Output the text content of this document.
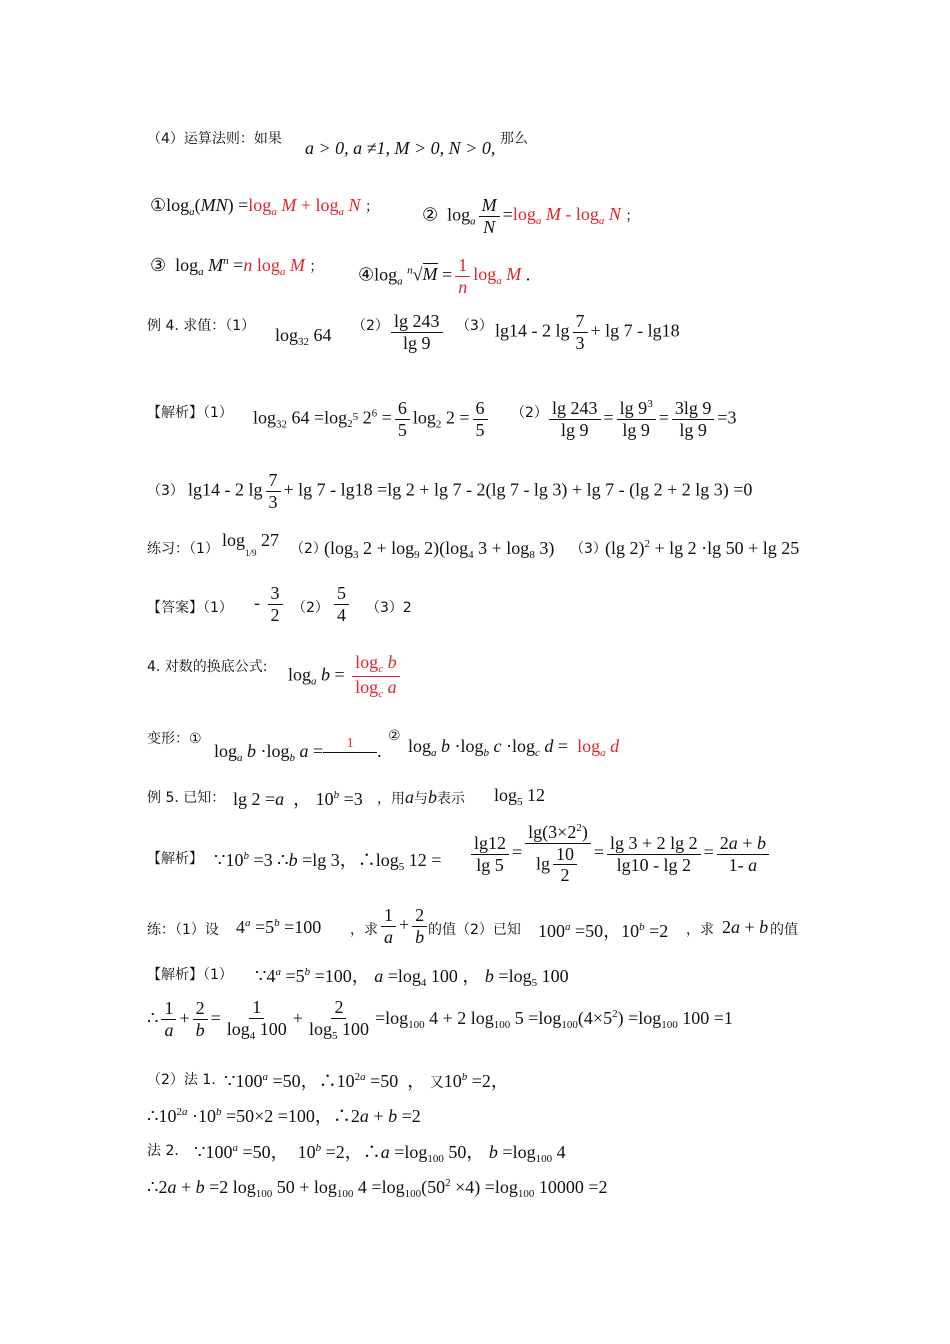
（4）运算法则：如果 a > 0, a ≠1, M > 0, N > 0, 那么
$①\log_a(MN) =\log_a$ $M + \log_a N$ ； ②  $\log_a \frac{M}{N} =\log_a$ M - $\log_a N$ ；
③  $\log_a M^n =n$ $\log_a M$ ； $④\log_a$ $^n√M = \frac{1}{n} \log_a M$ .
例 4. 求值：（1） $\log_{32} 64$ $(2) \frac{\lg 243}{\lg 9} (3)$ lg14 - 2 $\lg \frac{7}{3} + \lg 7 - \lg 18$
【解析】（1） $\log_{32} 64 =\log_{2^5}$ $2^6 = \frac{6}{5} \log_2 2 = \frac{6}{5} (2) \frac{\lg 243}{\lg 9} = \frac{\lg 9^3}{\lg 9} = \frac{3\lg 9}{\lg 9} =3$
（3） lg14 - 2 $\lg \frac{7}{3} + \lg 7 - \lg 18 =\lg$ 2 + lg 7 - 2(lg 7 - lg 3) + lg 7 - (lg 2 + 2 lg 3) =0
练习：（1） $\log_{1/9} 27$ （2）
($\log_3$ $2 + \log_9 2)(\log_4$ $3 + \log_8 3$) （3）
(lg 2)$^2$ + lg 2 ·lg 50 + lg 25
【答案】$(1) - \frac{3}{2} (2) \frac{5}{4} (3)2$
4. 对数的换底公式: $\log_a b = \frac{\log_c b}{\log_c a}$
变形：①
$\log_a b \cdot\log_b$ a = 1 .
② $\log_a b \cdot\log_b$ $c \cdot\log_c$ $d = \log_a d$
例 5. 已知： lg 2 =a  ， $10^b =3$ ，用a与b表示 $\log_5 12$
【解析】 $\because 10^b =3$ ∴b =lg 3，$\therefore\log_5$ $12 = \frac{\lg 12}{\lg 5} = \frac{\lg(3\times 2^2)}{\lg \frac{10}{2}} = \frac{\lg 3 + 2 \lg 2}{\lg 10 - \lg 2} = \frac{2a + b}{1- a}$
练：（1）设 $4^a =5^b =100$ ，求 $\frac{1}{a} + \frac{2}{b}$ 的值（2）已知 $100^a =50$，$10^b =2$ ，求 2a + b 的值
【解析】（1） $\because 4^a =5^b =100$， $a =\log_4$ 100 ， $b =\log_5$ 100
∴ $\frac{1}{a} + \frac{2}{b} = \frac{1}{\log_4 100} + \frac{2}{\log_5 100} =\log_{100}$ 4 + 2 $\log_{100} 5 =\log_{100}(4\times 5^2) =\log_{100}$ 100 =1
（2）法 1. $\because 100^a =50$，$\therefore 10^{2a} =50$  ， 又$10^b =2$，
$\therefore 10^{2a} \cdot 10^b =50\times 2 =100$，∴2a + b =2
法 2. $\because 100^a =50$，  $10^b =2$，∴a $=\log_{100}$ 50， $b =\log_{100}$ 4
∴2a + b =2 $\log_{100} 50 + \log_{100} 4 =\log_{100}(50^2 \times 4) =\log_{100}$ 10000 =2
